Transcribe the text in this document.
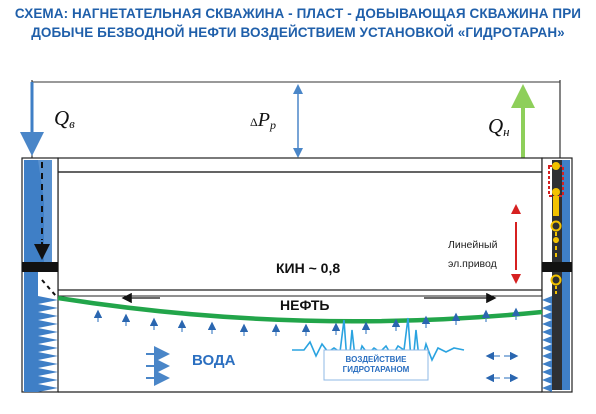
СХЕМА: НАГНЕТАТЕЛЬНАЯ СКВАЖИНА - ПЛАСТ - ДОБЫВАЮЩАЯ СКВАЖИНА ПРИ
ДОБЫЧЕ БЕЗВОДНОЙ НЕФТИ ВОЗДЕЙСТВИЕМ УСТАНОВКОЙ «ГИДРОТАРАН»
$Q_в$	$Q_н$
$\Delta P_р$
КИН ~ 0,8
НЕФТЬ
ВОДА
Линейный
эл.привод
ВОЗДЕЙСТВИЕ
ГИДРОТАРАНОМ
